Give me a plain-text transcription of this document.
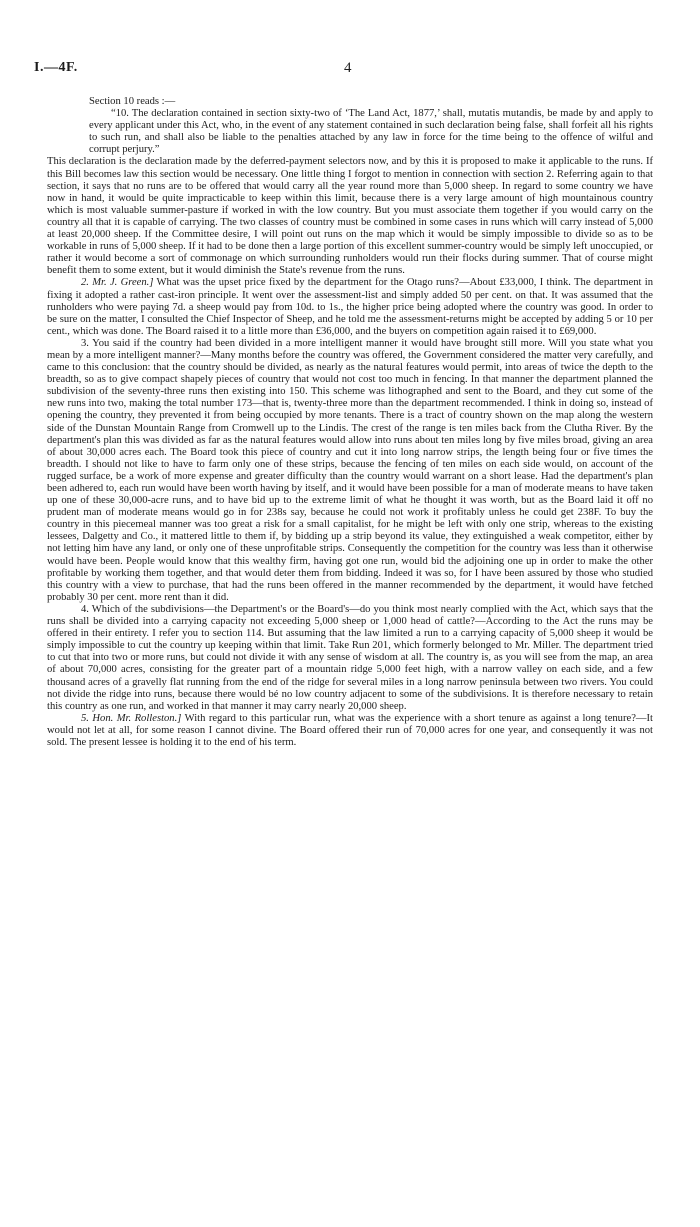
I.—4F.	4

Section 10 reads :—

“10. The declaration contained in section sixty-two of ‘The Land Act, 1877,’ shall, mutatis mutandis, be made by and apply to every applicant under this Act, who, in the event of any statement contained in such declaration being false, shall forfeit all his rights to such run, and shall also be liable to the penalties attached by any law in force for the time being to the offence of wilful and corrupt perjury.”

This declaration is the declaration made by the deferred-payment selectors now, and by this it is proposed to make it applicable to the runs. If this Bill becomes law this section would be necessary. One little thing I forgot to mention in connection with section 2. Referring again to that section, it says that no runs are to be offered that would carry all the year round more than 5,000 sheep. In regard to some country we have now in hand, it would be quite impracticable to keep within this limit, because there is a very large amount of high mountainous country which is most valuable summer-pasture if worked in with the low country. But you must associate them together if you would carry on the country all that it is capable of carrying. The two classes of country must be combined in some cases in runs which will carry instead of 5,000 at least 20,000 sheep. If the Committee desire, I will point out runs on the map which it would be simply impossible to divide so as to be workable in runs of 5,000 sheep. If it had to be done then a large portion of this excellent summer-country would be simply left unoccupied, or rather it would become a sort of commonage on which surrounding runholders would run their flocks during summer. That of course might benefit them to some extent, but it would diminish the State's revenue from the runs.

2. Mr. J. Green.] What was the upset price fixed by the department for the Otago runs?—About £33,000, I think. The department in fixing it adopted a rather cast-iron principle. It went over the assessment-list and simply added 50 per cent. on that. It was assumed that the runholders who were paying 7d. a sheep would pay from 10d. to 1s., the higher price being adopted where the country was good. In order to be sure on the matter, I consulted the Chief Inspector of Sheep, and he told me the assessment-returns might be accepted by adding 5 or 10 per cent., which was done. The Board raised it to a little more than £36,000, and the buyers on competition again raised it to £69,000.

3. You said if the country had been divided in a more intelligent manner it would have brought still more. Will you state what you mean by a more intelligent manner?—Many months before the country was offered, the Government considered the matter very carefully, and came to this conclusion: that the country should be divided, as nearly as the natural features would permit, into areas of twice the depth to the breadth, so as to give compact shapely pieces of country that would not cost too much in fencing. In that manner the department planned the subdivision of the seventy-three runs then existing into 150. This scheme was lithographed and sent to the Board, and they cut some of the new runs into two, making the total number 173—that is, twenty-three more than the department recommended. I think in doing so, instead of opening the country, they prevented it from being occupied by more tenants. There is a tract of country shown on the map along the western side of the Dunstan Mountain Range from Cromwell up to the Lindis. The crest of the range is ten miles back from the Clutha River. By the department's plan this was divided as far as the natural features would allow into runs about ten miles long by five miles broad, giving an area of about 30,000 acres each. The Board took this piece of country and cut it into long narrow strips, the length being four or five times the breadth. I should not like to have to farm only one of these strips, because the fencing of ten miles on each side would, on account of the rugged surface, be a work of more expense and greater difficulty than the country would warrant on a short lease. Had the department's plan been adhered to, each run would have been worth having by itself, and it would have been possible for a man of moderate means to have taken up one of these 30,000-acre runs, and to have bid up to the extreme limit of what he thought it was worth, but as the Board laid it off no prudent man of moderate means would go in for 238s say, because he could not work it profitably unless he could get 238F. To buy the country in this piecemeal manner was too great a risk for a small capitalist, for he might be left with only one strip, whereas to the existing lessees, Dalgetty and Co., it mattered little to them if, by bidding up a strip beyond its value, they extinguished a weak competitor, either by not letting him have any land, or only one of these unprofitable strips. Consequently the competition for the country was less than it otherwise would have been. People would know that this wealthy firm, having got one run, would bid the adjoining one up in order to make the other profitable by working them together, and that would deter them from bidding. Indeed it was so, for I have been assured by those who studied this country with a view to purchase, that had the runs been offered in the manner recommended by the department, it would have fetched probably 30 per cent. more rent than it did.

4. Which of the subdivisions—the Department's or the Board's—do you think most nearly complied with the Act, which says that the runs shall be divided into a carrying capacity not exceeding 5,000 sheep or 1,000 head of cattle?—According to the Act the runs may be offered in their entirety. I refer you to section 114. But assuming that the law limited a run to a carrying capacity of 5,000 sheep it would be simply impossible to cut the country up keeping within that limit. Take Run 201, which formerly belonged to Mr. Miller. The department tried to cut that into two or more runs, but could not divide it with any sense of wisdom at all. The country is, as you will see from the map, an area of about 70,000 acres, consisting for the greater part of a mountain ridge 5,000 feet high, with a narrow valley on each side, and a few thousand acres of a gravelly flat running from the end of the ridge for several miles in a long narrow peninsula between two rivers. You could not divide the ridge into runs, because there would bé no low country adjacent to some of the subdivisions. It is therefore necessary to retain this country as one run, and worked in that manner it may carry nearly 20,000 sheep.

5. Hon. Mr. Rolleston.] With regard to this particular run, what was the experience with a short tenure as against a long tenure?—It would not let at all, for some reason I cannot divine. The Board offered their run of 70,000 acres for one year, and consequently it was not sold. The present lessee is holding it to the end of his term.
